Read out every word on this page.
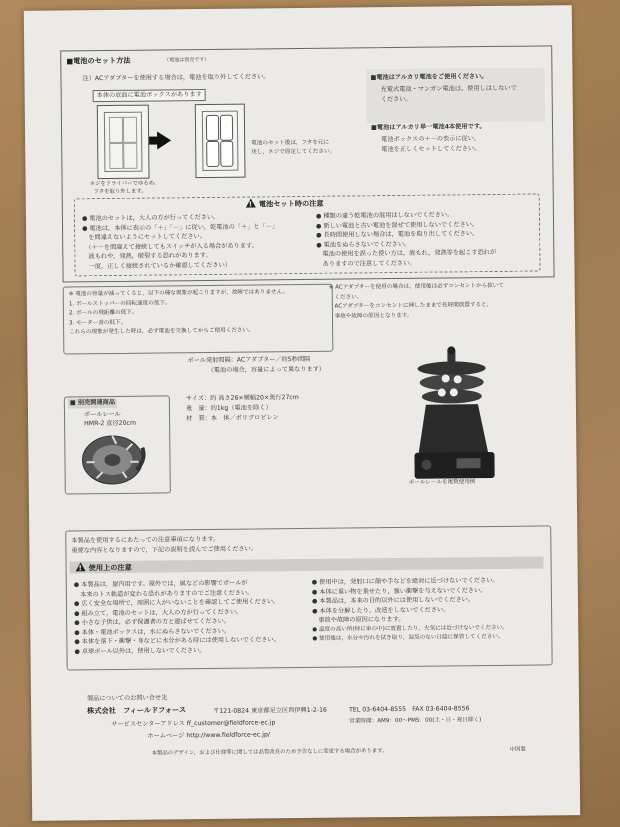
■電池のセット方法	（電池は別売です）
注）ACアダプターを使用する場合は，電池を取り外してください。
本体の底面に電池ボックスがあります
ネジをドライバーでゆるめ、
フタを取り外します。
電池のセット後は，フタを元に
戻し，ネジで固定してください。
■電池はアルカリ電池をご使用ください。
充電式電池・マンガン電池は、使用しはしないで
ください。
■電池はアルカリ単一電池4本使用です。
電池ボックスの＋－の表示に従い，
電池を正しくセットしてください。
!電池セット時の注意
● 電池のセットは，大人の方が行ってください。
● 電池は，本体に表示の「＋」「－」に従い，乾電池の「＋」と「－」
　を間違えないようにセットしてください。
　（＋－を間違えて接続してもスイッチが入る場合があります。
　液もれや，発熱，破裂する恐れがあります。
　一度，正しく接続されているか確認してください）
● 種類の違う乾電池の混用はしないでください。
● 新しい電池と古い電池を混ぜて使用しないでください。
● 長時間使用しない場合は，電池を取り出してください。
● 電池をぬらさないでください。
　電池の使用を誤った使い方は，液もれ，発熱等を起こす恐れが
　ありますので注意してください。
※ 電池の容量が減ってくると，以下の様な現象が起こりますが，故障ではありません。
1. ボールストッパーの回転速度の低下。
2. ボールの飛距離の低下。
3. モーター音の低下。
これらの現象が発生した時は，必ず電池を交換してからご使用ください。
※ ACアダプターを使用の場合は，使用後は必ずコンセントから抜いて
　ください。
　ACアダプターをコンセントに挿したままで長時間放置すると，
　事故や故障の原因となります。
ボール発射間隔：ACアダプター／約5秒間隔
（電池の場合，容量によって異なります）
サイズ：約 高さ26×横幅20×奥行27cm
重　量：約1kg（電池を除く）
材　質：本　体／ポリプロピレン
■ 別売関連商品
ボールレール
HMR-2 直径20cm
ボールレールを複数使用例
本製品を使用するにあたっての注意事項になります。
重要な内容となりますので，下記の説明を読んでご使用ください。
!使用上の注意
● 本製品は，屋内用です。屋外では，風などの影響でボールが
　本来のトス軌道が変わる恐れがありますのでご注意ください。
● 広く安全な場所で，周囲に人がいないことを確認してご使用ください。
● 組み立て，電池のセットは，大人の方が行ってください。
● 小さな子供は，必ず保護者の方と遊ばせてください。
● 本体・電池ボックスは，水にぬらさないでください。
● 本体を落下・衝撃・身などに水分がある時には使用しないでください。
● 卓球ボール以外は，使用しないでください。
● 使用中は，発射口に顔や手などを絶対に近づけないでください。
● 本体に重い物を乗せたり，強い衝撃を与えないでください。
● 本製品は，本来の目的以外には使用しないでください。
● 本体を分解したり，改造をしないでください。
　事故や故障の原因になります。
● 温度の高い所(特に車の中)に放置したり，火気には近づけないでください。
● 使用後は，水分や汚れを拭き取り，湿気のない日陰に保管してください。
製品についてのお問い合せ先
株式会社　フィールドフォース	〒121-0824 東京都足立区西伊興1-2-16	TEL 03-6404-8555　FAX 03-6404-8556
サービスセンターアドレス ff_customer@fieldforce-ec.jp	営業時間：AM9：00～PM5：00(土・日・祝日除く)
ホームページ http://www.fieldforce-ec.jp/
本製品のデザイン，および仕様等に関しては品質改良のため予告なしに変更する場合があります。	中国製
